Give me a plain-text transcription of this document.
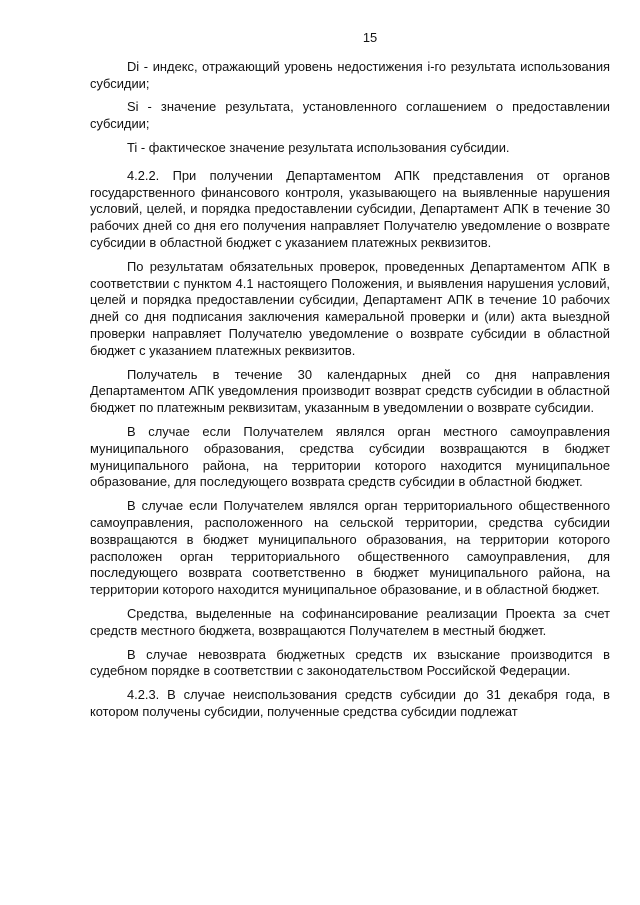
15

Di - индекс, отражающий уровень недостижения i-го результата использования субсидии;

Si - значение результата, установленного соглашением о предоставлении субсидии;

Ti - фактическое значение результата использования субсидии.

4.2.2. При получении Департаментом АПК представления от органов государственного финансового контроля, указывающего на выявленные нарушения условий, целей, и порядка предоставлении субсидии, Департамент АПК в течение 30 рабочих дней со дня его получения направляет Получателю уведомление о возврате субсидии в областной бюджет с указанием платежных реквизитов.

По результатам обязательных проверок, проведенных Департаментом АПК в соответствии с пунктом 4.1 настоящего Положения, и выявления нарушения условий, целей и порядка предоставлении субсидии, Департамент АПК в течение 10 рабочих дней со дня подписания заключения камеральной проверки и (или) акта выездной проверки направляет Получателю уведомление о возврате субсидии в областной бюджет с указанием платежных реквизитов.

Получатель в течение 30 календарных дней со дня направления Департаментом АПК уведомления производит возврат средств субсидии в областной бюджет по платежным реквизитам, указанным в уведомлении о возврате субсидии.

В случае если Получателем являлся орган местного самоуправления муниципального образования, средства субсидии возвращаются в бюджет муниципального района, на территории которого находится муниципальное образование, для последующего возврата средств субсидии в областной бюджет.

В случае если Получателем являлся орган территориального общественного самоуправления, расположенного на сельской территории, средства субсидии возвращаются в бюджет муниципального образования, на территории которого расположен орган территориального общественного самоуправления, для последующего возврата соответственно в бюджет муниципального района, на территории которого находится муниципальное образование, и в областной бюджет.

Средства, выделенные на софинансирование реализации Проекта за счет средств местного бюджета, возвращаются Получателем в местный бюджет.

В случае невозврата бюджетных средств их взыскание производится в судебном порядке в соответствии с законодательством Российской Федерации.

4.2.3. В случае неиспользования средств субсидии до 31 декабря года, в котором получены субсидии, полученные средства субсидии подлежат
